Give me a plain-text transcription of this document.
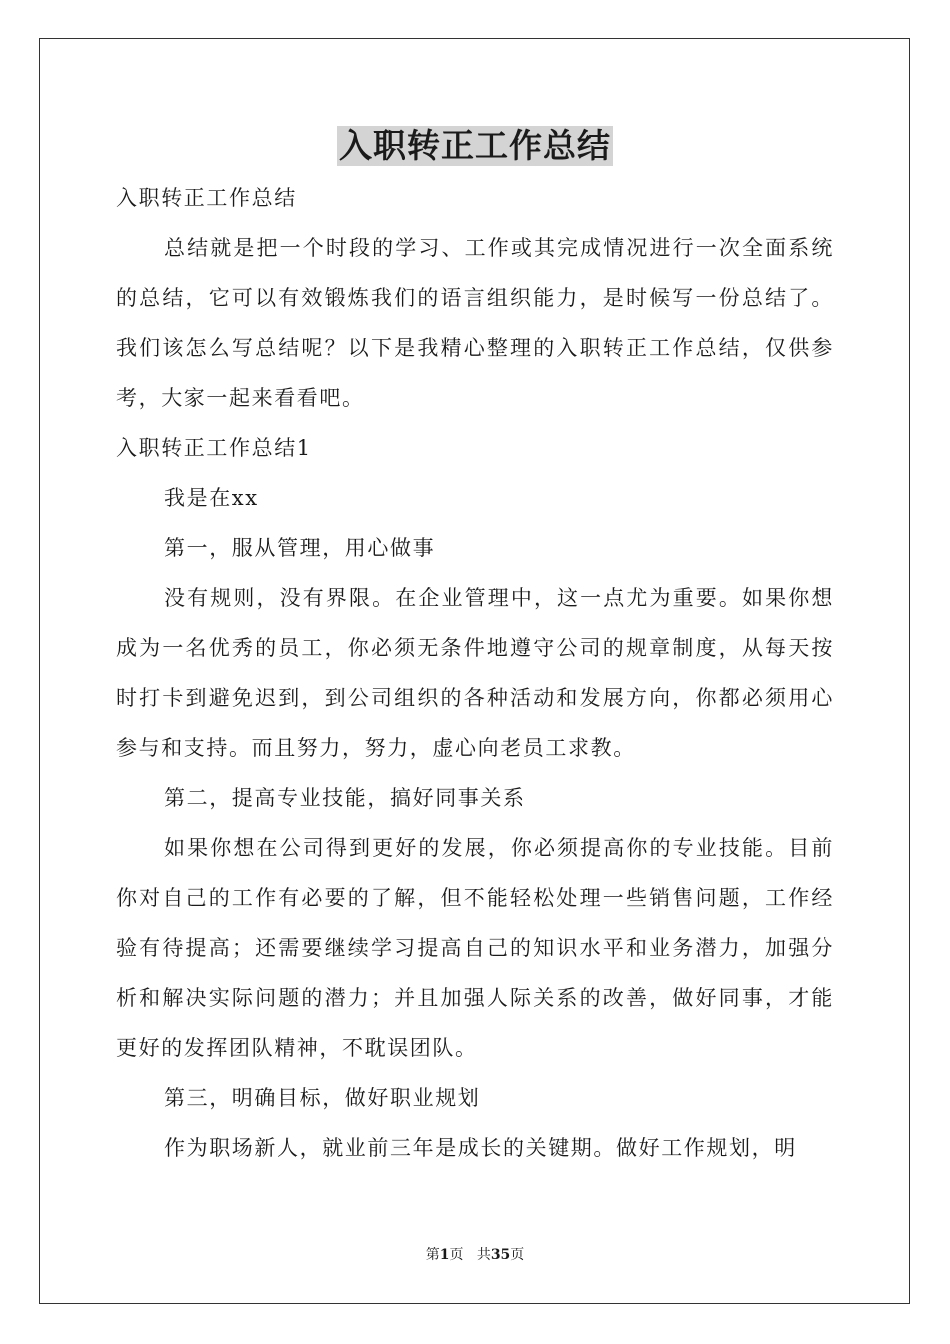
入职转正工作总结

入职转正工作总结

总结就是把一个时段的学习、工作或其完成情况进行一次全面系统的总结，它可以有效锻炼我们的语言组织能力，是时候写一份总结了。我们该怎么写总结呢？以下是我精心整理的入职转正工作总结，仅供参考，大家一起来看看吧。

入职转正工作总结1

我是在xx

第一，服从管理，用心做事

没有规则，没有界限。在企业管理中，这一点尤为重要。如果你想成为一名优秀的员工，你必须无条件地遵守公司的规章制度，从每天按时打卡到避免迟到，到公司组织的各种活动和发展方向，你都必须用心参与和支持。而且努力，努力，虚心向老员工求教。

第二，提高专业技能，搞好同事关系

如果你想在公司得到更好的发展，你必须提高你的专业技能。目前你对自己的工作有必要的了解，但不能轻松处理一些销售问题，工作经验有待提高；还需要继续学习提高自己的知识水平和业务潜力，加强分析和解决实际问题的潜力；并且加强人际关系的改善，做好同事，才能更好的发挥团队精神，不耽误团队。

第三，明确目标，做好职业规划

作为职场新人，就业前三年是成长的关键期。做好工作规划，明

第1页 共35页
